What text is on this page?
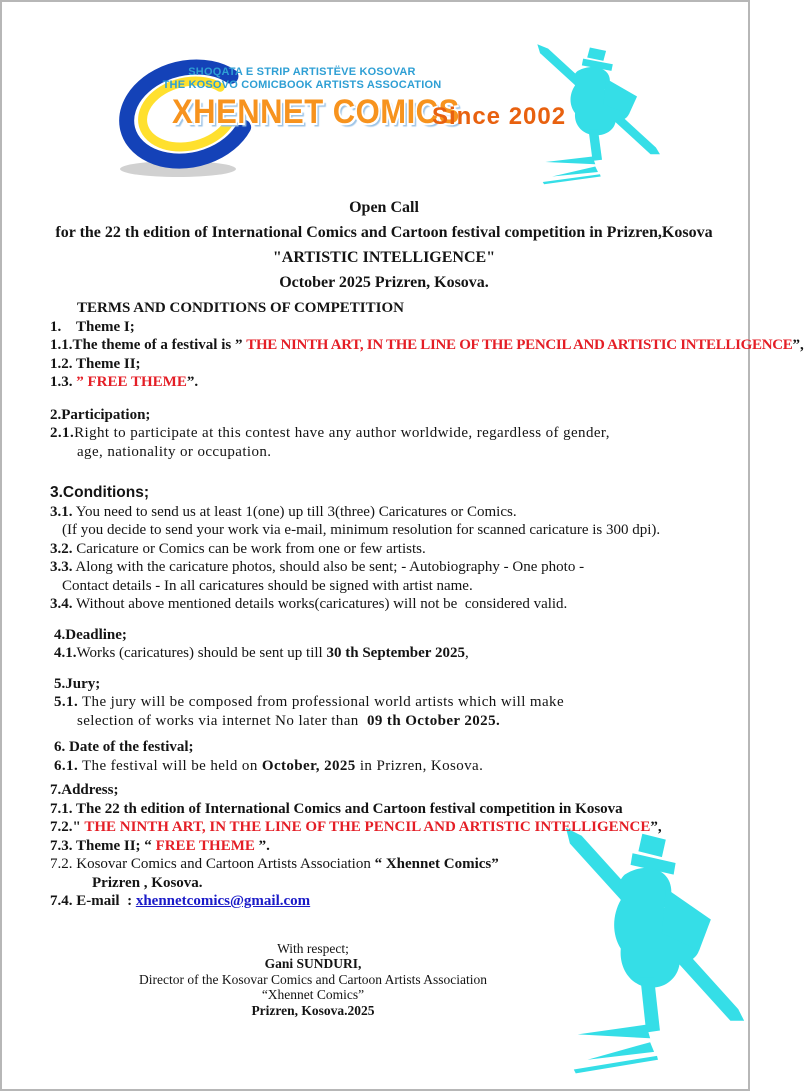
SHOQATA E STRIP ARTISTËVE KOSOVAR
THE KOSOVO COMICBOOK ARTISTS ASSOCATION
XHENNET COMICS
Since 2002
Open Call
for the 22 th edition of International Comics and Cartoon festival competition in Prizren,Kosova
"ARTISTIC INTELLIGENCE"
October 2025 Prizren, Kosova.
TERMS AND CONDITIONS OF COMPETITION
1.    Theme I;
1.1.The theme of a festival is ” THE NINTH ART, IN THE LINE OF THE PENCIL AND ARTISTIC INTELLIGENCE”,
1.2. Theme II;
1.3. ” FREE THEME”.
2.Participation;
2.1.Right to participate at this contest have any author worldwide, regardless of gender,
age, nationality or occupation.
3.Conditions;
3.1. You need to send us at least 1(one) up till 3(three) Caricatures or Comics.
(If you decide to send your work via e-mail, minimum resolution for scanned caricature is 300 dpi).
3.2. Caricature or Comics can be work from one or few artists.
3.3. Along with the caricature photos, should also be sent; - Autobiography - One photo -
Contact details - In all caricatures should be signed with artist name.
3.4. Without above mentioned details works(caricatures) will not be  considered valid.
4.Deadline;
4.1.Works (caricatures) should be sent up till 30 th September 2025,
5.Jury;
5.1. The jury will be composed from professional world artists which will make
selection of works via internet No later than  09 th October 2025.
6. Date of the festival;
6.1. The festival will be held on October, 2025 in Prizren, Kosova.
7.Address;
7.1. The 22 th edition of International Comics and Cartoon festival competition in Kosova
7.2." THE NINTH ART, IN THE LINE OF THE PENCIL AND ARTISTIC INTELLIGENCE”,
7.3. Theme II; “ FREE THEME ”.
7.2. Kosovar Comics and Cartoon Artists Association “ Xhennet Comics”
Prizren , Kosova.
7.4. E-mail  : xhennetcomics@gmail.com
With respect;
Gani SUNDURI,
Director of the Kosovar Comics and Cartoon Artists Association
“Xhennet Comics”
Prizren, Kosova.2025
